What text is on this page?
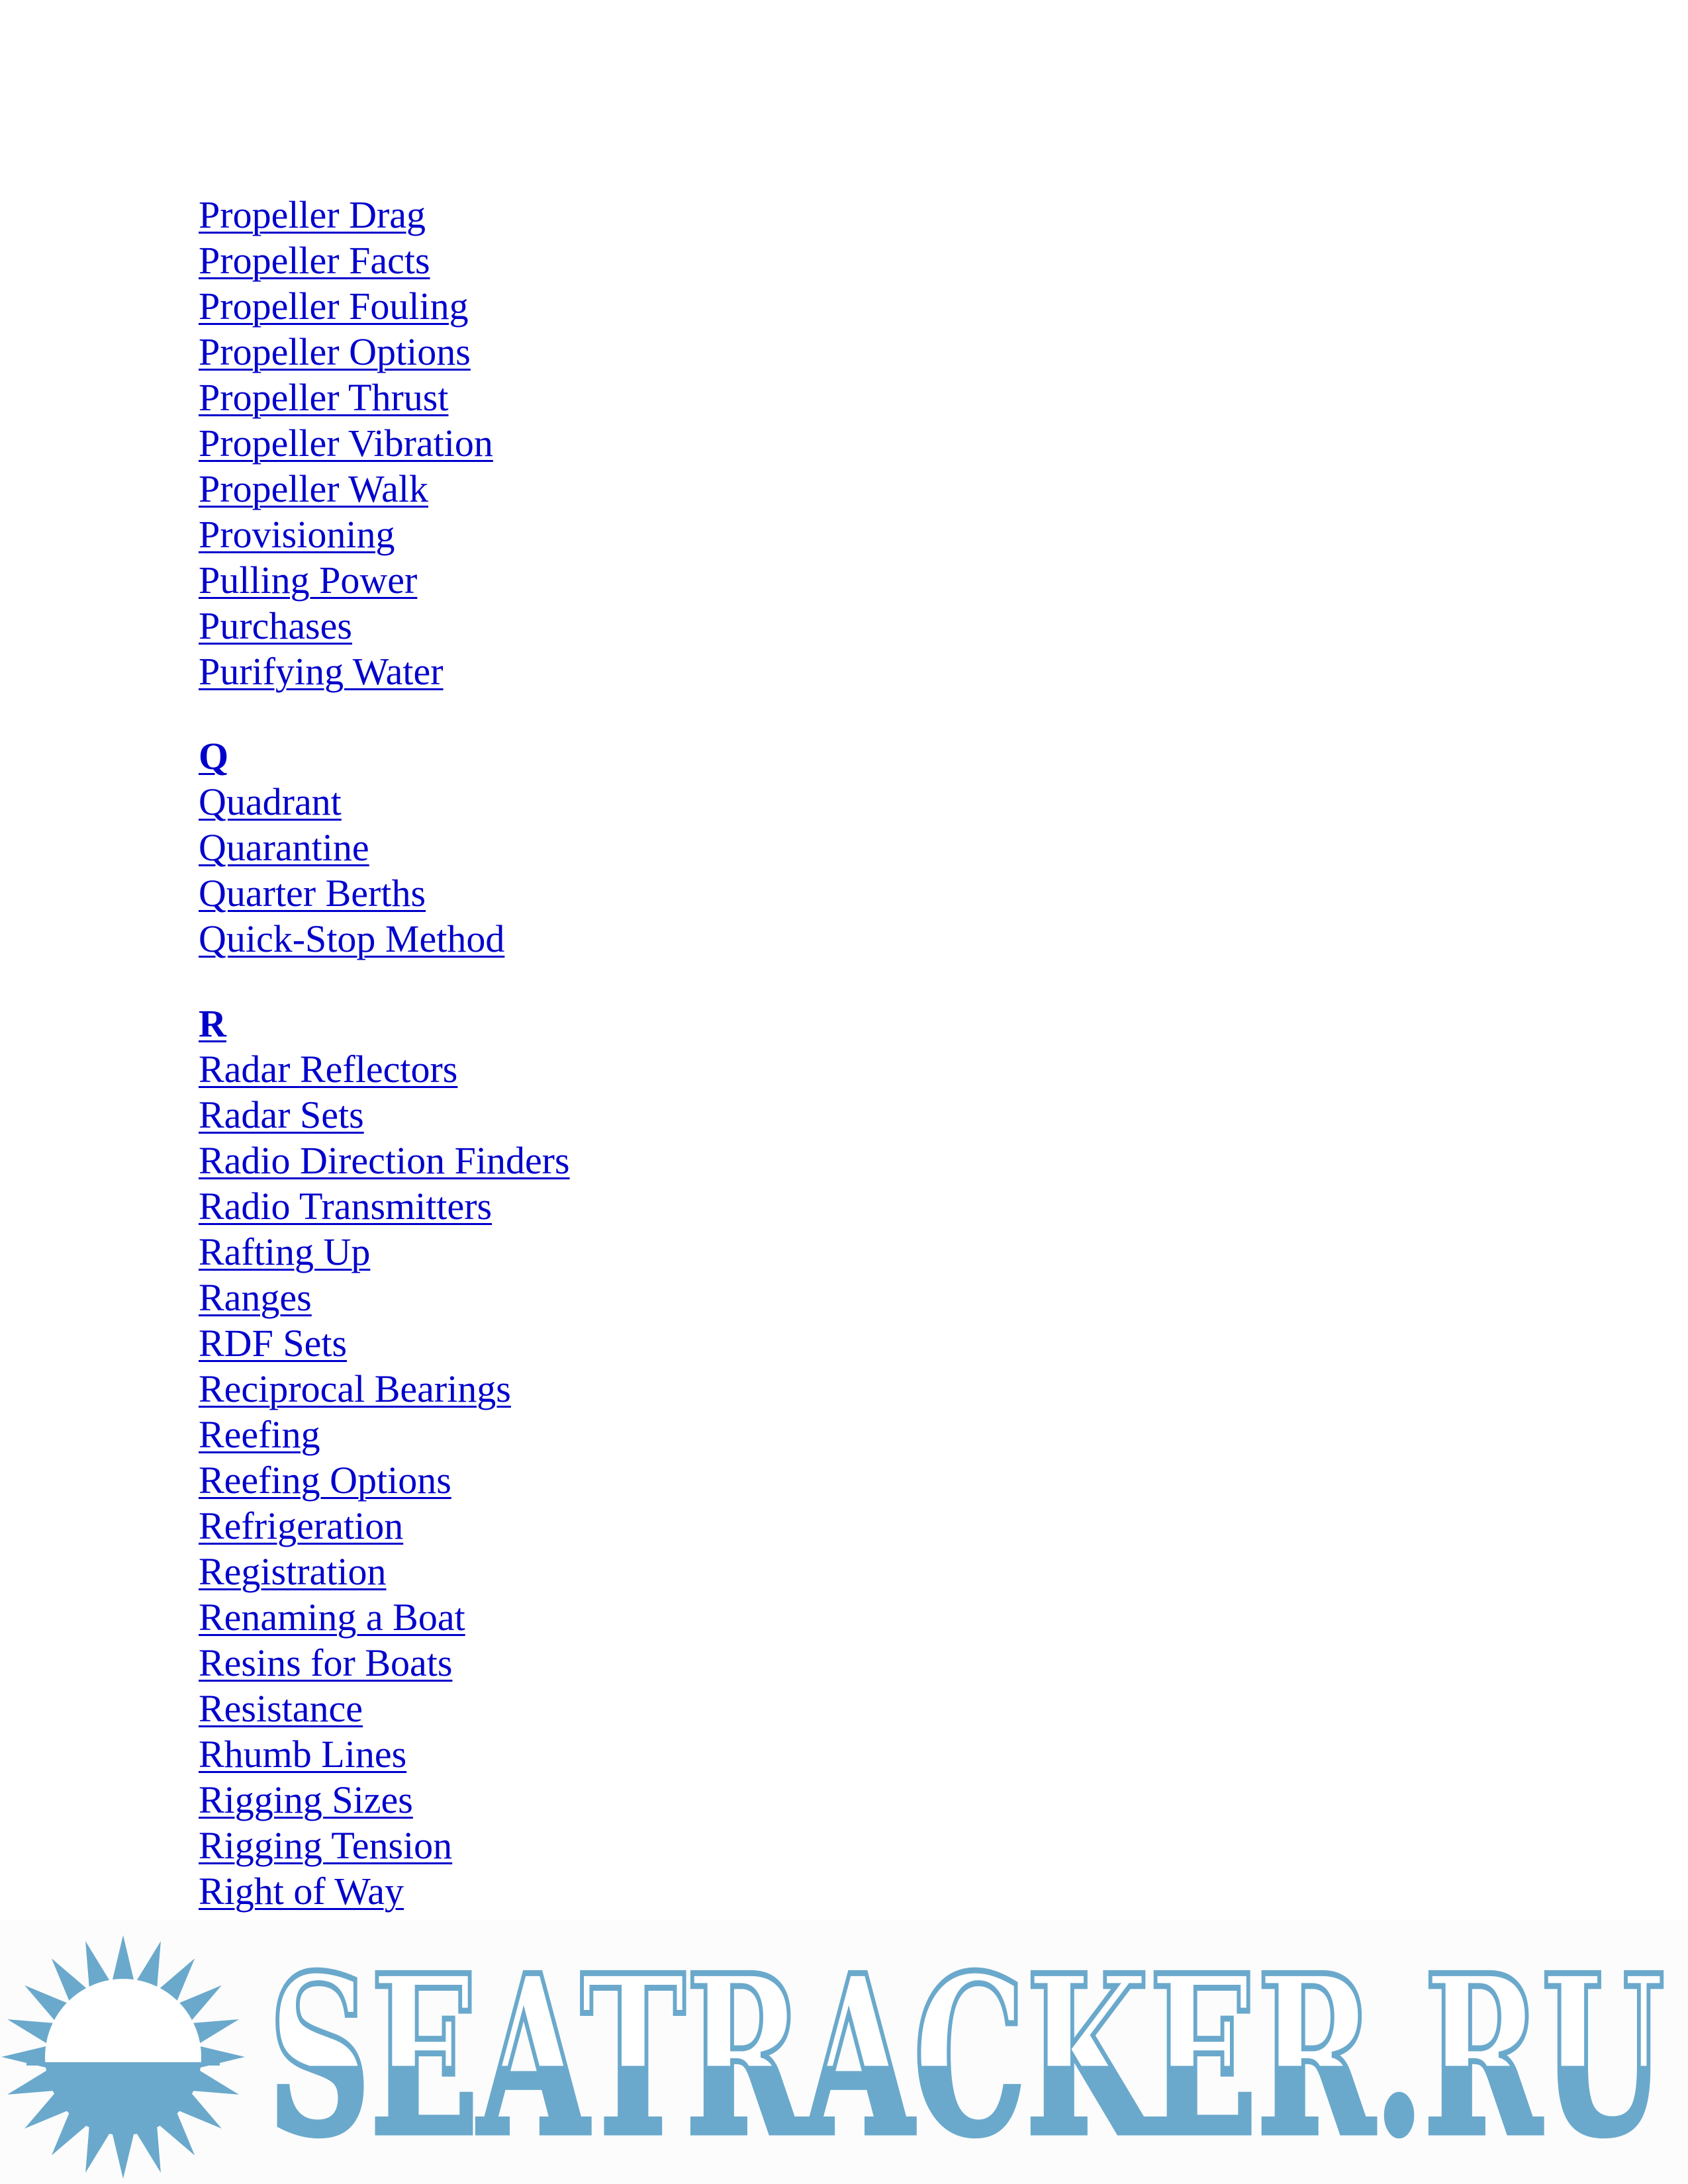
Propeller Drag
Propeller Facts
Propeller Fouling
Propeller Options
Propeller Thrust
Propeller Vibration
Propeller Walk
Provisioning
Pulling Power
Purchases
Purifying Water
Q
Quadrant
Quarantine
Quarter Berths
Quick-Stop Method
R
Radar Reflectors
Radar Sets
Radio Direction Finders
Radio Transmitters
Rafting Up
Ranges
RDF Sets
Reciprocal Bearings
Reefing
Reefing Options
Refrigeration
Registration
Renaming a Boat
Resins for Boats
Resistance
Rhumb Lines
Rigging Sizes
Rigging Tension
Right of Way
SEATRACKER.RU
